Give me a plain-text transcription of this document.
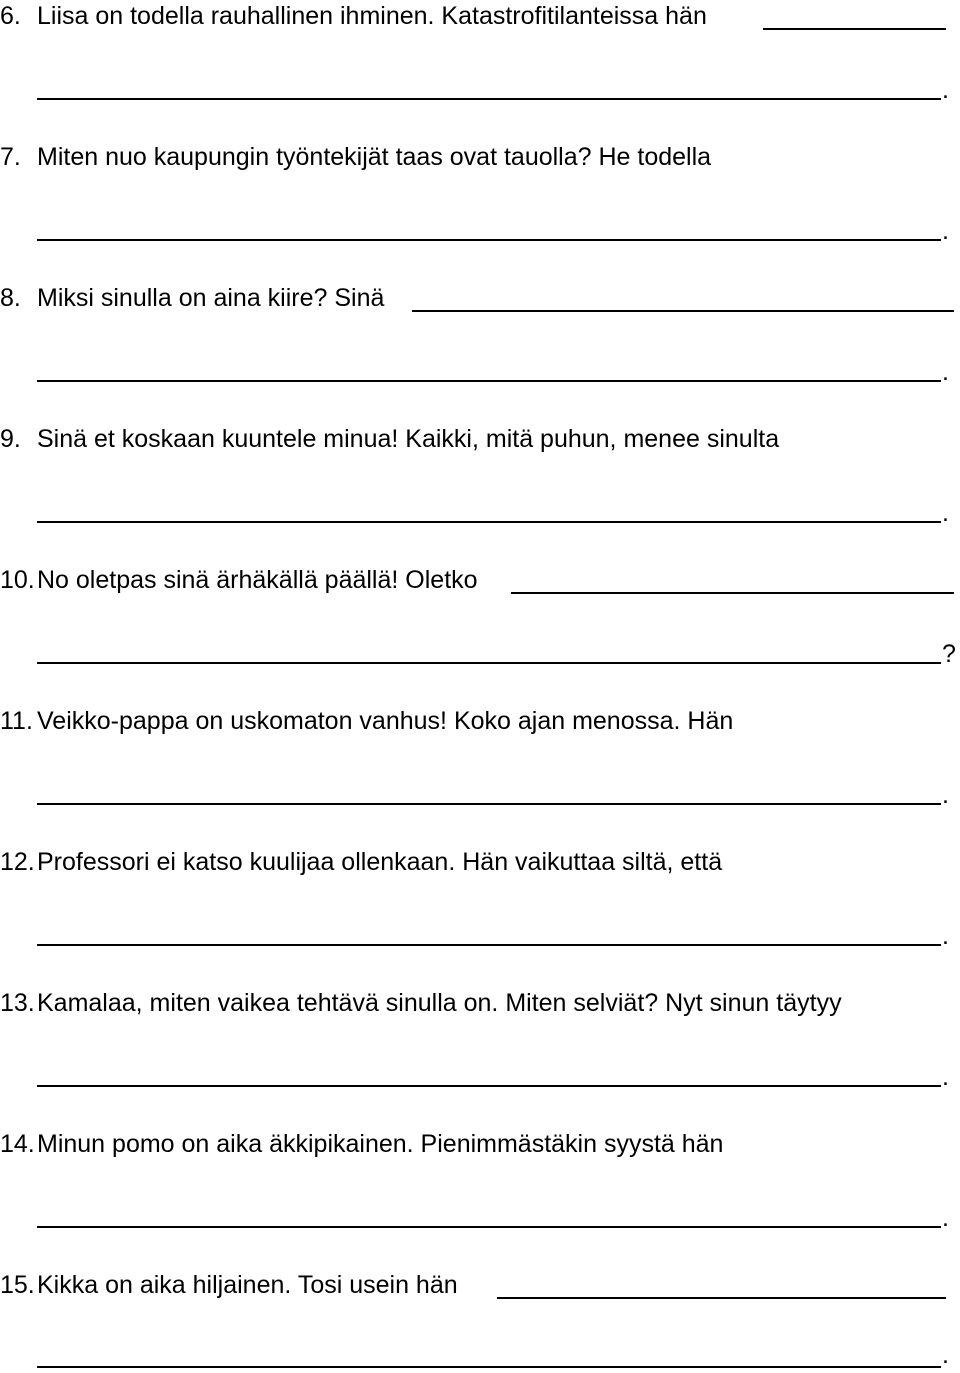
6. Liisa on todella rauhallinen ihminen. Katastrofitilanteissa hän
.
7. Miten nuo kaupungin työntekijät taas ovat tauolla? He todella
.
8. Miksi sinulla on aina kiire? Sinä
.
9. Sinä et koskaan kuuntele minua! Kaikki, mitä puhun, menee sinulta
.
10. No oletpas sinä ärhäkällä päällä! Oletko
?
11. Veikko-pappa on uskomaton vanhus! Koko ajan menossa. Hän
.
12. Professori ei katso kuulijaa ollenkaan. Hän vaikuttaa siltä, että
.
13. Kamalaa, miten vaikea tehtävä sinulla on. Miten selviät? Nyt sinun täytyy
.
14. Minun pomo on aika äkkipikainen. Pienimmästäkin syystä hän
.
15. Kikka on aika hiljainen. Tosi usein hän
.
